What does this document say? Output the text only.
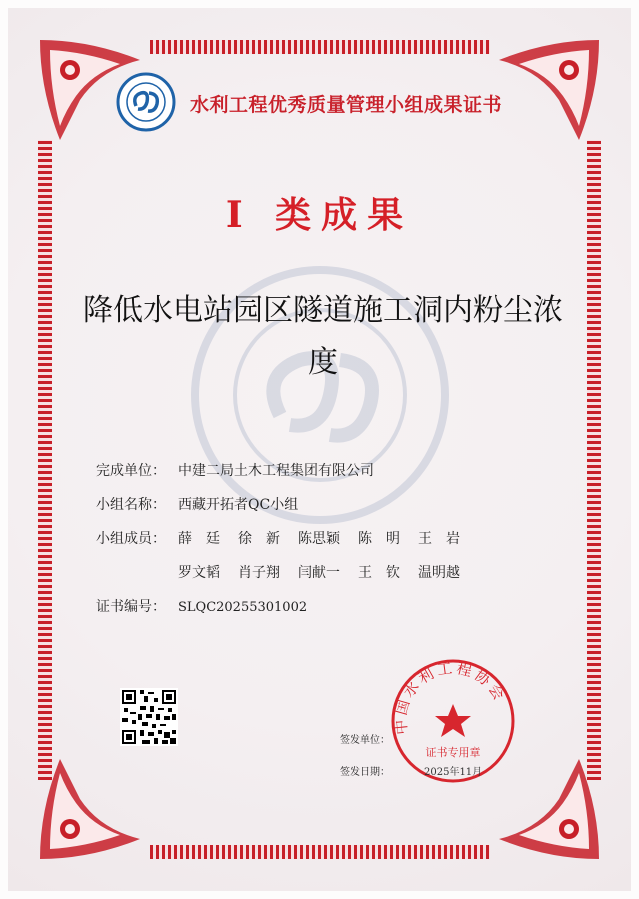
水利工程优秀质量管理小组成果证书
I 类成果
降低水电站园区隧道施工洞内粉尘浓度
完成单位： 中建二局土木工程集团有限公司
小组名称： 西藏开拓者QC小组
小组成员： 薛　廷 徐　新 陈思颖 陈　明 王　岩
罗文韬 肖子翔 闫献一 王　钦 温明越
证书编号： SLQC20255301002
签发单位：
签发日期：
中国水利工程协会
证书专用章
2025年11月
